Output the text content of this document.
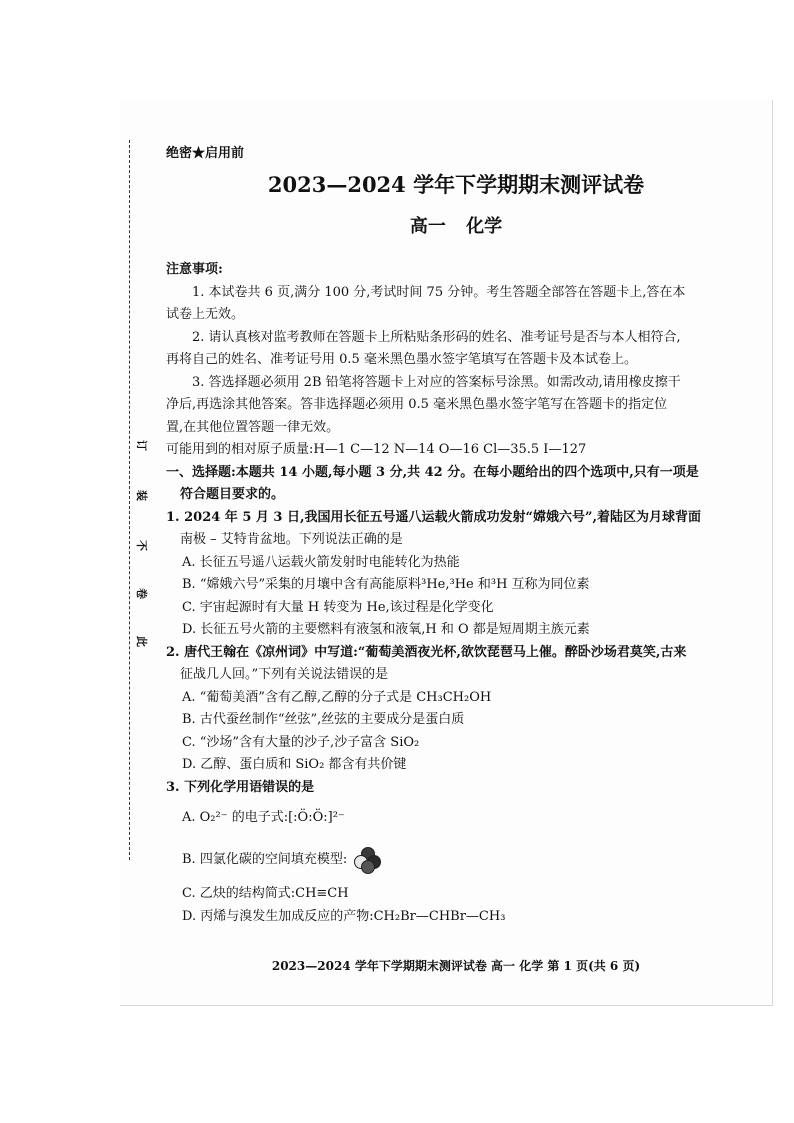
订
装
不
卷
此
绝密★启用前
2023—2024 学年下学期期末测评试卷
高一 化学
注意事项:
1. 本试卷共 6 页,满分 100 分,考试时间 75 分钟。考生答题全部答在答题卡上,答在本
试卷上无效。
2. 请认真核对监考教师在答题卡上所粘贴条形码的姓名、准考证号是否与本人相符合,
再将自己的姓名、准考证号用 0.5 毫米黑色墨水签字笔填写在答题卡及本试卷上。
3. 答选择题必须用 2B 铅笔将答题卡上对应的答案标号涂黑。如需改动,请用橡皮擦干
净后,再选涂其他答案。答非选择题必须用 0.5 毫米黑色墨水签字笔写在答题卡的指定位
置,在其他位置答题一律无效。
可能用到的相对原子质量:H—1 C—12 N—14 O—16 Cl—35.5 I—127
一、选择题:本题共 14 小题,每小题 3 分,共 42 分。在每小题给出的四个选项中,只有一项是
符合题目要求的。
1. 2024 年 5 月 3 日,我国用长征五号遥八运载火箭成功发射“嫦娥六号”,着陆区为月球背面
南极 – 艾特肯盆地。下列说法正确的是
A. 长征五号遥八运载火箭发射时电能转化为热能
B. “嫦娥六号”采集的月壤中含有高能原料³He,³He 和³H 互称为同位素
C. 宇宙起源时有大量 H 转变为 He,该过程是化学变化
D. 长征五号火箭的主要燃料有液氢和液氧,H 和 O 都是短周期主族元素
2. 唐代王翰在《凉州词》中写道:“葡萄美酒夜光杯,欲饮琵琶马上催。醉卧沙场君莫笑,古来
征战几人回。”下列有关说法错误的是
A. “葡萄美酒”含有乙醇,乙醇的分子式是 CH₃CH₂OH
B. 古代蚕丝制作“丝弦”,丝弦的主要成分是蛋白质
C. “沙场”含有大量的沙子,沙子富含 SiO₂
D. 乙醇、蛋白质和 SiO₂ 都含有共价键
3. 下列化学用语错误的是
A. O₂²⁻ 的电子式:[:Ö:Ö:]²⁻
B. 四氯化碳的空间填充模型:
C. 乙炔的结构简式:CH≡CH
D. 丙烯与溴发生加成反应的产物:CH₂Br—CHBr—CH₃
2023—2024 学年下学期期末测评试卷 高一 化学 第 1 页(共 6 页)
